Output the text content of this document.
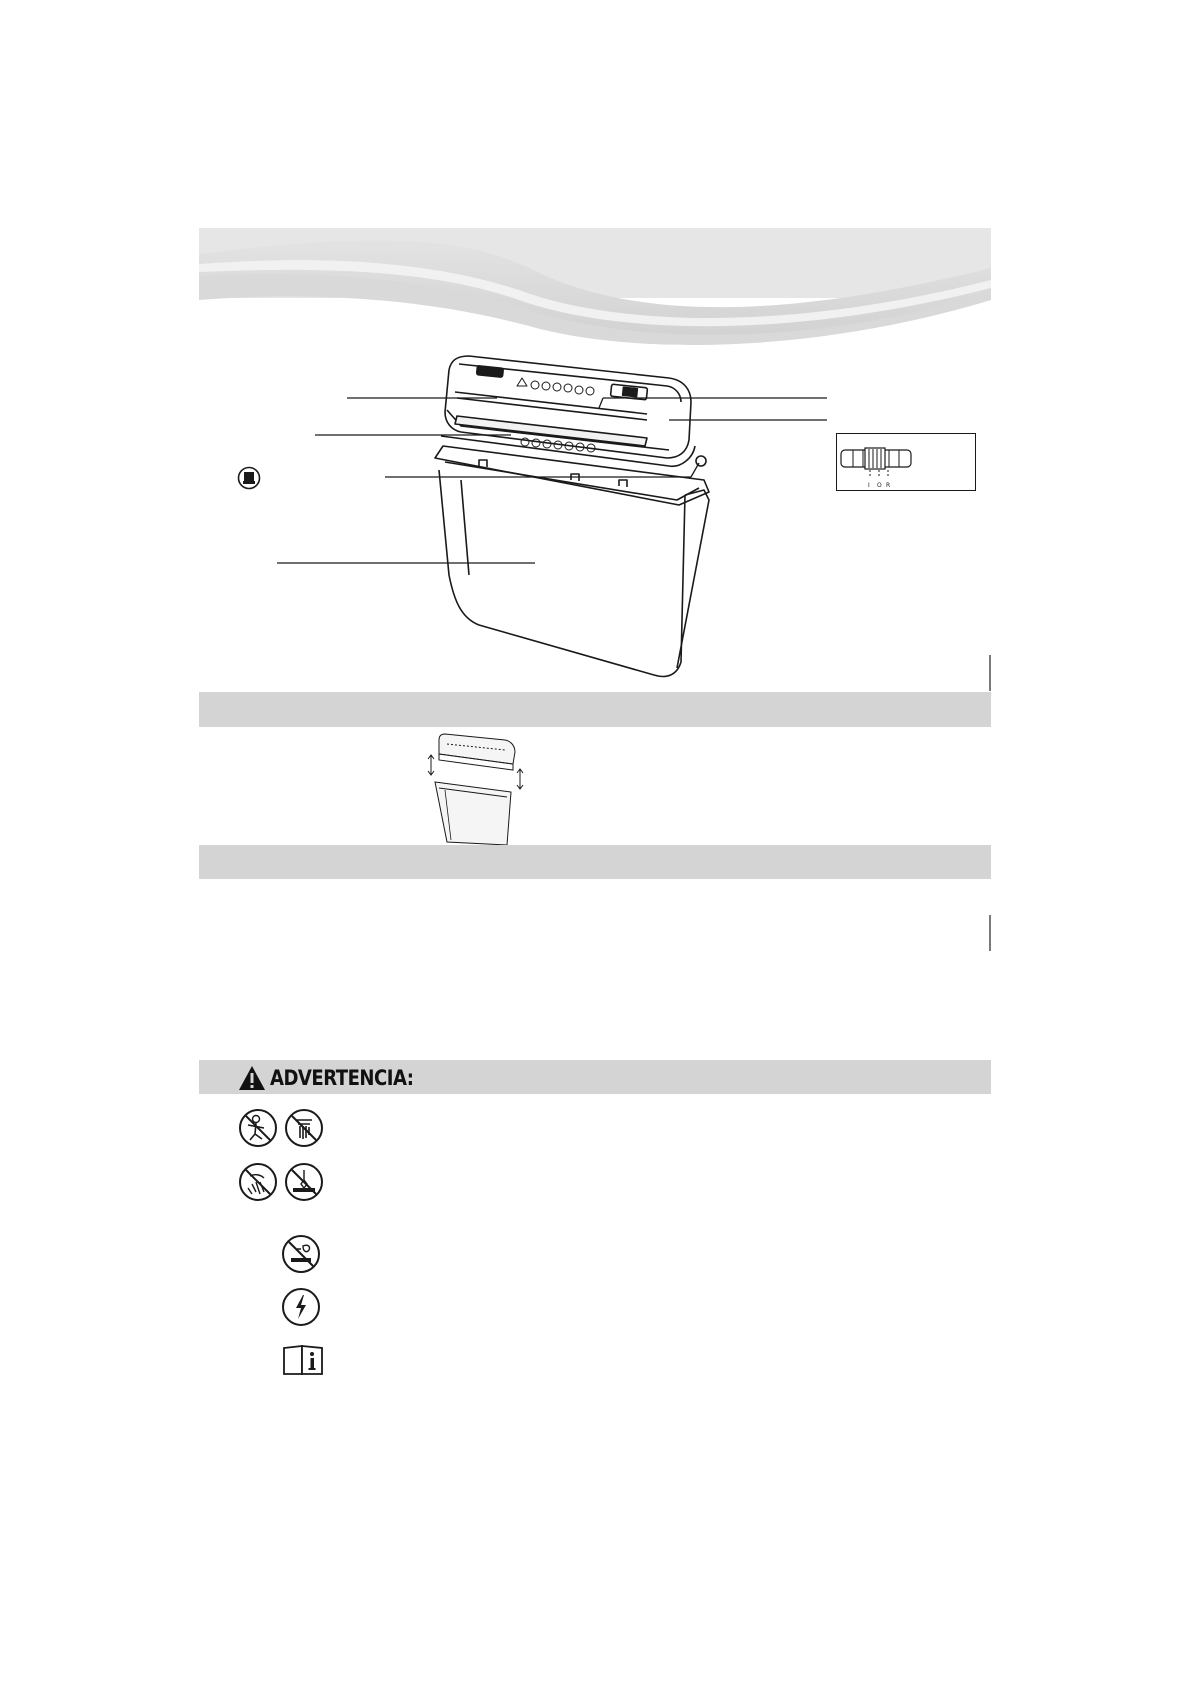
I O R
ADVERTENCIA:
